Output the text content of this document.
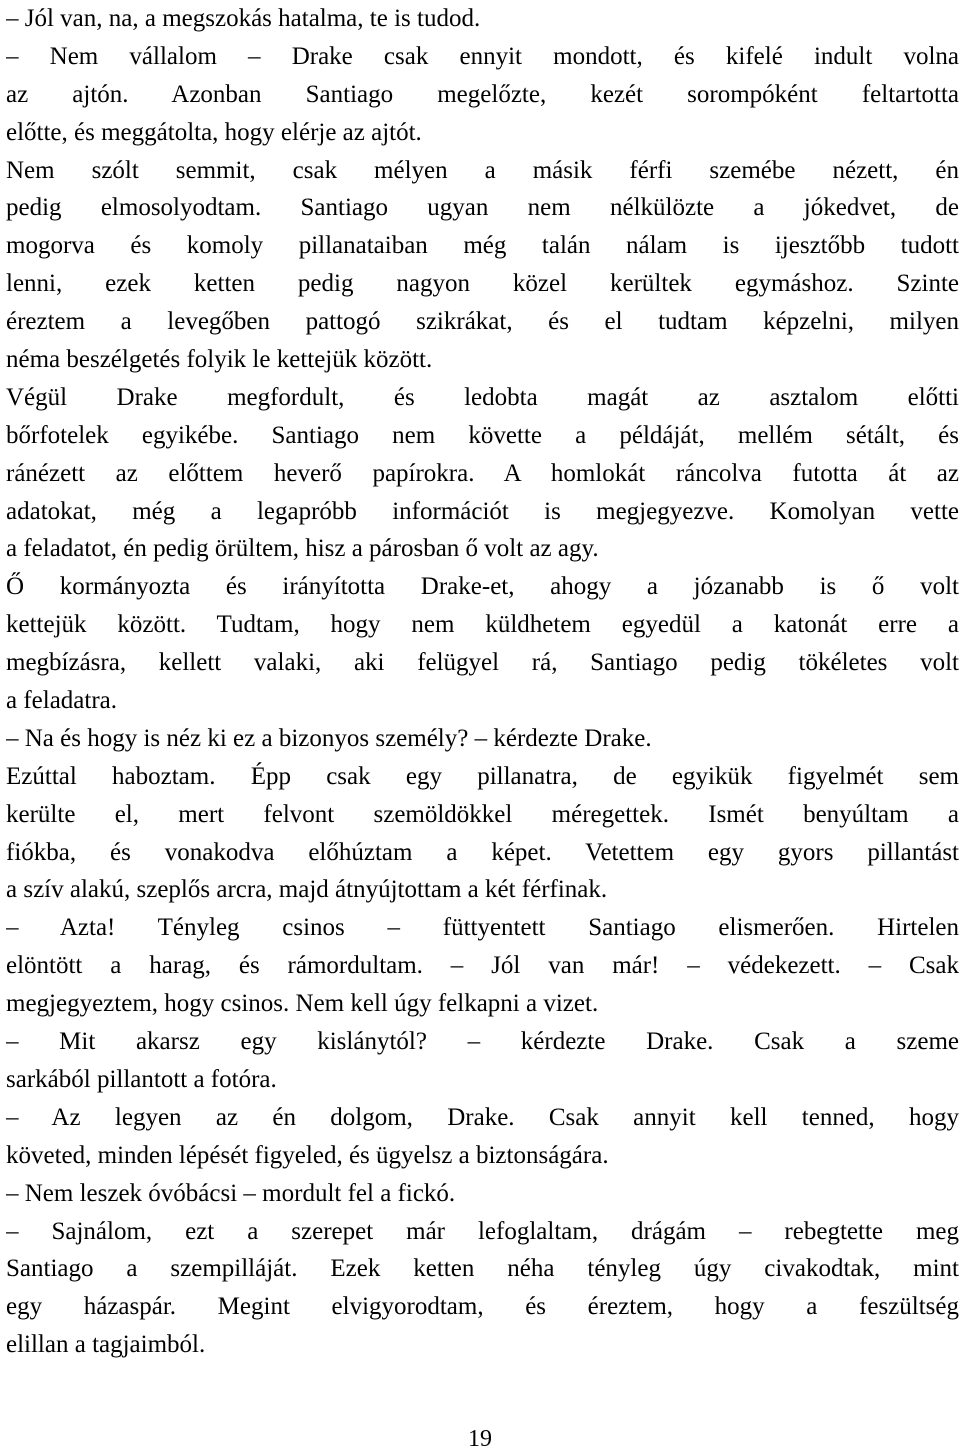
– Jól van, na, a megszokás hatalma, te is tudod.
– Nem vállalom – Drake csak ennyit mondott, és kifelé indult volna
az ajtón. Azonban Santiago megelőzte, kezét sorompóként feltartotta
előtte, és meggátolta, hogy elérje az ajtót.
Nem szólt semmit, csak mélyen a másik férfi szemébe nézett, én
pedig elmosolyodtam. Santiago ugyan nem nélkülözte a jókedvet, de
mogorva és komoly pillanataiban még talán nálam is ijesztőbb tudott
lenni, ezek ketten pedig nagyon közel kerültek egymáshoz. Szinte
éreztem a levegőben pattogó szikrákat, és el tudtam képzelni, milyen
néma beszélgetés folyik le kettejük között.
Végül Drake megfordult, és ledobta magát az asztalom előtti
bőrfotelek egyikébe. Santiago nem követte a példáját, mellém sétált, és
ránézett az előttem heverő papírokra. A homlokát ráncolva futotta át az
adatokat, még a legapróbb információt is megjegyezve. Komolyan vette
a feladatot, én pedig örültem, hisz a párosban ő volt az agy.
Ő kormányozta és irányította Drake-et, ahogy a józanabb is ő volt
kettejük között. Tudtam, hogy nem küldhetem egyedül a katonát erre a
megbízásra, kellett valaki, aki felügyel rá, Santiago pedig tökéletes volt
a feladatra.
– Na és hogy is néz ki ez a bizonyos személy? – kérdezte Drake.
Ezúttal haboztam. Épp csak egy pillanatra, de egyikük figyelmét sem
kerülte el, mert felvont szemöldökkel méregettek. Ismét benyúltam a
fiókba, és vonakodva előhúztam a képet. Vetettem egy gyors pillantást
a szív alakú, szeplős arcra, majd átnyújtottam a két férfinak.
– Azta! Tényleg csinos – füttyentett Santiago elismerően. Hirtelen
elöntött a harag, és rámordultam. – Jól van már! – védekezett. – Csak
megjegyeztem, hogy csinos. Nem kell úgy felkapni a vizet.
– Mit akarsz egy kislánytól? – kérdezte Drake. Csak a szeme
sarkából pillantott a fotóra.
– Az legyen az én dolgom, Drake. Csak annyit kell tenned, hogy
követed, minden lépését figyeled, és ügyelsz a biztonságára.
– Nem leszek óvóbácsi – mordult fel a fickó.
– Sajnálom, ezt a szerepet már lefoglaltam, drágám – rebegtette meg
Santiago a szempilláját. Ezek ketten néha tényleg úgy civakodtak, mint
egy házaspár. Megint elvigyorodtam, és éreztem, hogy a feszültség
elillan a tagjaimból.
19
